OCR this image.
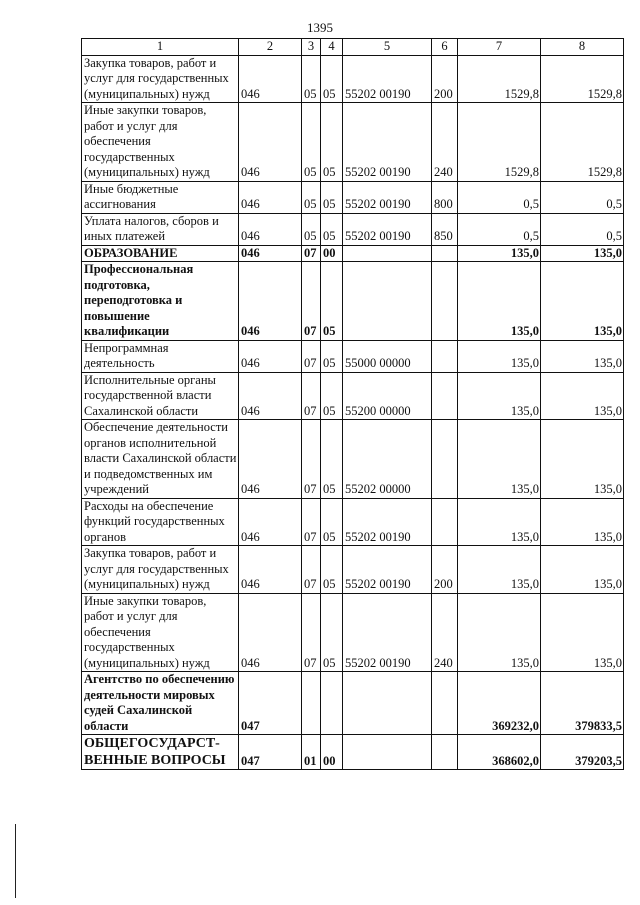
1395
1	2	3	4	5	6	7	8
Закупка товаров, работ и услуг для государственных (муниципальных) нужд	046	05	05	55202 00190	200	1529,8	1529,8
Иные закупки товаров, работ и услуг для обеспечения государственных (муниципальных) нужд	046	05	05	55202 00190	240	1529,8	1529,8
Иные бюджетные ассигнования	046	05	05	55202 00190	800	0,5	0,5
Уплата налогов, сборов и иных платежей	046	05	05	55202 00190	850	0,5	0,5
ОБРАЗОВАНИЕ	046	07	00			135,0	135,0
Профессиональная подготовка, переподготовка и повышение квалификации	046	07	05			135,0	135,0
Непрограммная деятельность	046	07	05	55000 00000		135,0	135,0
Исполнительные органы государственной власти Сахалинской области	046	07	05	55200 00000		135,0	135,0
Обеспечение деятельности органов исполнительной власти Сахалинской области и подведомственных им учреждений	046	07	05	55202 00000		135,0	135,0
Расходы на обеспечение функций государственных органов	046	07	05	55202 00190		135,0	135,0
Закупка товаров, работ и услуг для государственных (муниципальных) нужд	046	07	05	55202 00190	200	135,0	135,0
Иные закупки товаров, работ и услуг для обеспечения государственных (муниципальных) нужд	046	07	05	55202 00190	240	135,0	135,0
Агентство по обеспечению деятельности мировых судей Сахалинской области	047					369232,0	379833,5
ОБЩЕГОСУДАРСТ-ВЕННЫЕ ВОПРОСЫ	047	01	00			368602,0	379203,5
